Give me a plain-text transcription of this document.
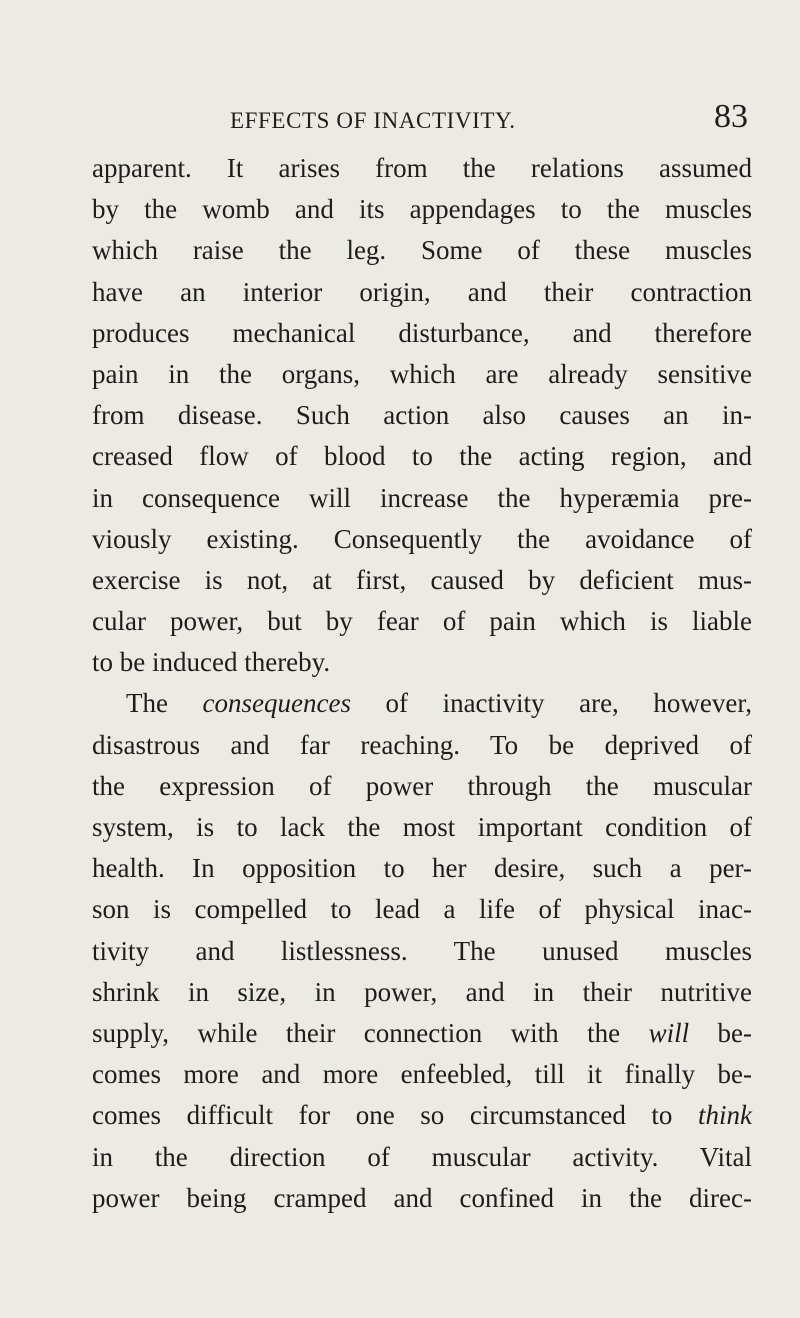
EFFECTS OF INACTIVITY.	83
apparent. It arises from the relations assumed
by the womb and its appendages to the muscles
which raise the leg. Some of these muscles
have an interior origin, and their contraction
produces mechanical disturbance, and therefore
pain in the organs, which are already sensitive
from disease. Such action also causes an in-
creased flow of blood to the acting region, and
in consequence will increase the hyperæmia pre-
viously existing. Consequently the avoidance of
exercise is not, at first, caused by deficient mus-
cular power, but by fear of pain which is liable
to be induced thereby.
The consequences of inactivity are, however,
disastrous and far reaching. To be deprived of
the expression of power through the muscular
system, is to lack the most important condition of
health. In opposition to her desire, such a per-
son is compelled to lead a life of physical inac-
tivity and listlessness. The unused muscles
shrink in size, in power, and in their nutritive
supply, while their connection with the will be-
comes more and more enfeebled, till it finally be-
comes difficult for one so circumstanced to think
in the direction of muscular activity. Vital
power being cramped and confined in the direc-
